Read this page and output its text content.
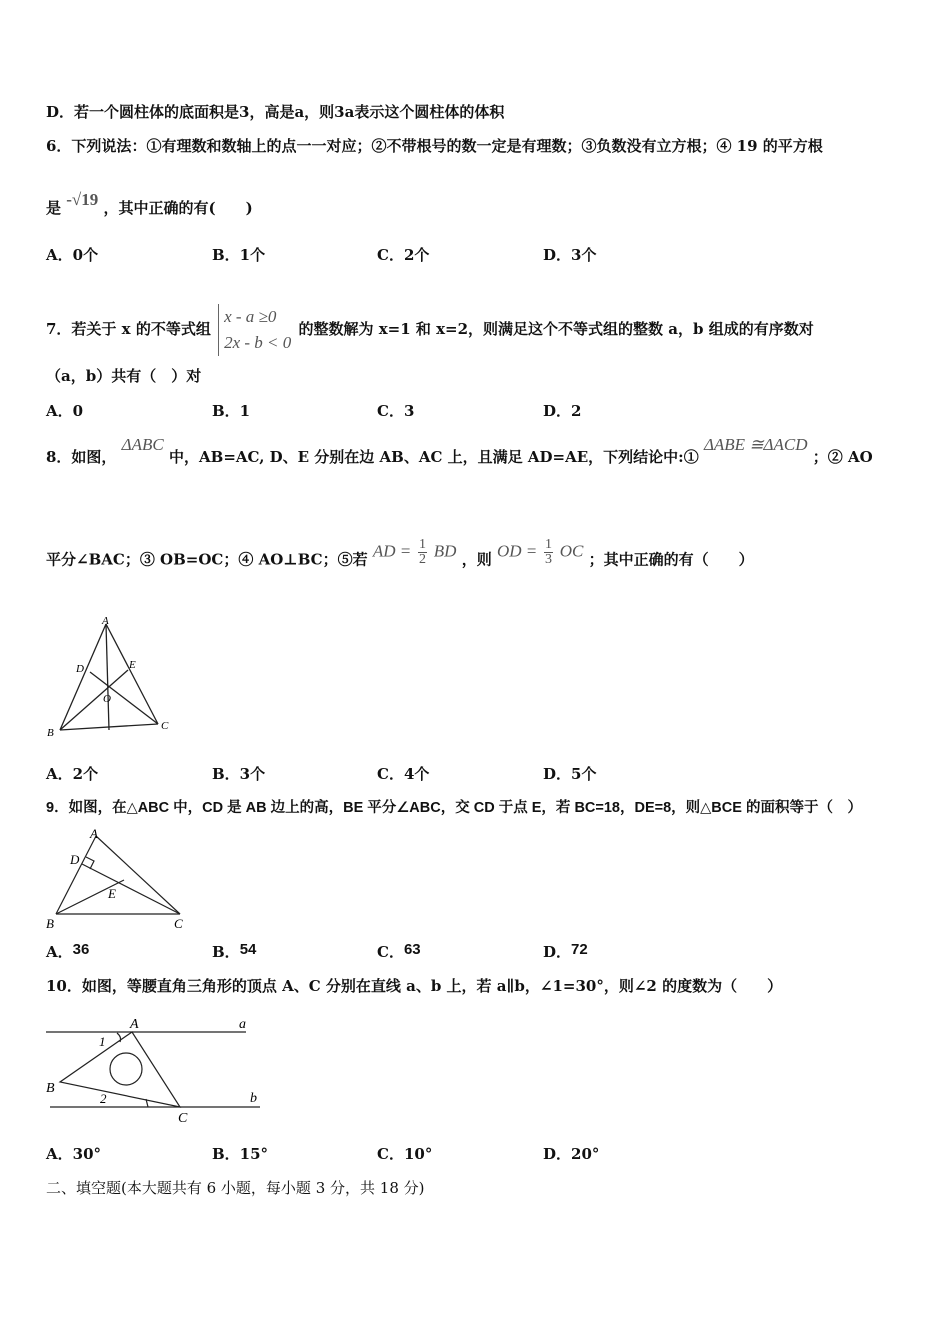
D．若一个圆柱体的底面积是3，高是a，则3a表示这个圆柱体的体积
6．下列说法：①有理数和数轴上的点一一对应；②不带根号的数一定是有理数；③负数没有立方根；④ 19 的平方根
是 -√19 ，其中正确的有(　　)
A．0个	B．1个	C．2个	D．3个
7．若关于 x 的不等式组
x - a ≥0
2x - b < 0
的整数解为 x=1 和 x=2，则满足这个不等式组的整数 a，b 组成的有序数对
（a，b）共有（　）对
A．0	B．1	C．3	D．2
8．如图， ΔABC 中，AB=AC, D、E 分别在边 AB、AC 上，且满足 AD=AE，下列结论中:① ΔABE ≅ΔACD ；② AO
平分∠BAC；③ OB=OC；④ AO⊥BC；⑤若 AD = $\frac{1}{2}$ BD ，则 OD = $\frac{1}{3}$ OC ；其中正确的有（　　）
A
D	E
O
B
C
A．2个	B．3个	C．4个	D．5个
9．如图，在△ABC 中，CD 是 AB 边上的高，BE 平分∠ABC，交 CD 于点 E，若 BC=18，DE=8，则△BCE 的面积等于（　）
A
D
E
B	C
A．36	B．54	C．63	D．72
10．如图，等腰直角三角形的顶点 A、C 分别在直线 a、b 上，若 a∥b，∠1=30°，则∠2 的度数为（　　）
A	a
1
B
2
C
b
A．30°	B．15°	C．10°	D．20°
二、填空题(本大题共有 6 小题，每小题 3 分，共 18 分)
